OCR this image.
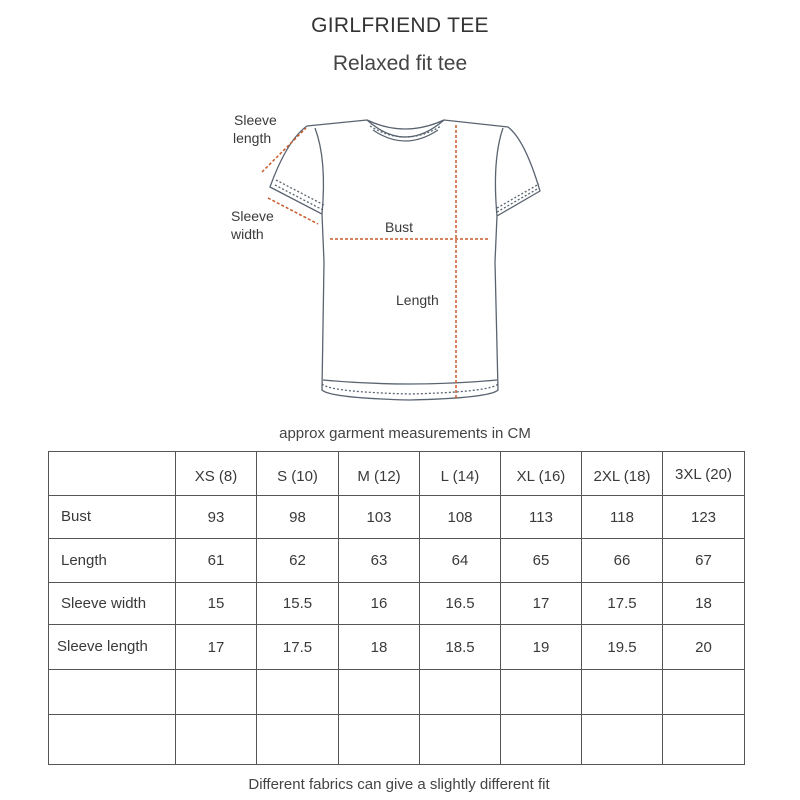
GIRLFRIEND TEE
Relaxed fit tee
Sleeve
length
Sleeve
width	Bust
Length
approx garment measurements in CM
	XS (8)	S (10)	M (12)	L (14)	XL (16)	2XL (18)	3XL (20)
Bust	93	98	103	108	113	118	123
Length	61	62	63	64	65	66	67
Sleeve width	15	15.5	16	16.5	17	17.5	18
Sleeve length	17	17.5	18	18.5	19	19.5	20

Different fabrics can give a slightly different fit
